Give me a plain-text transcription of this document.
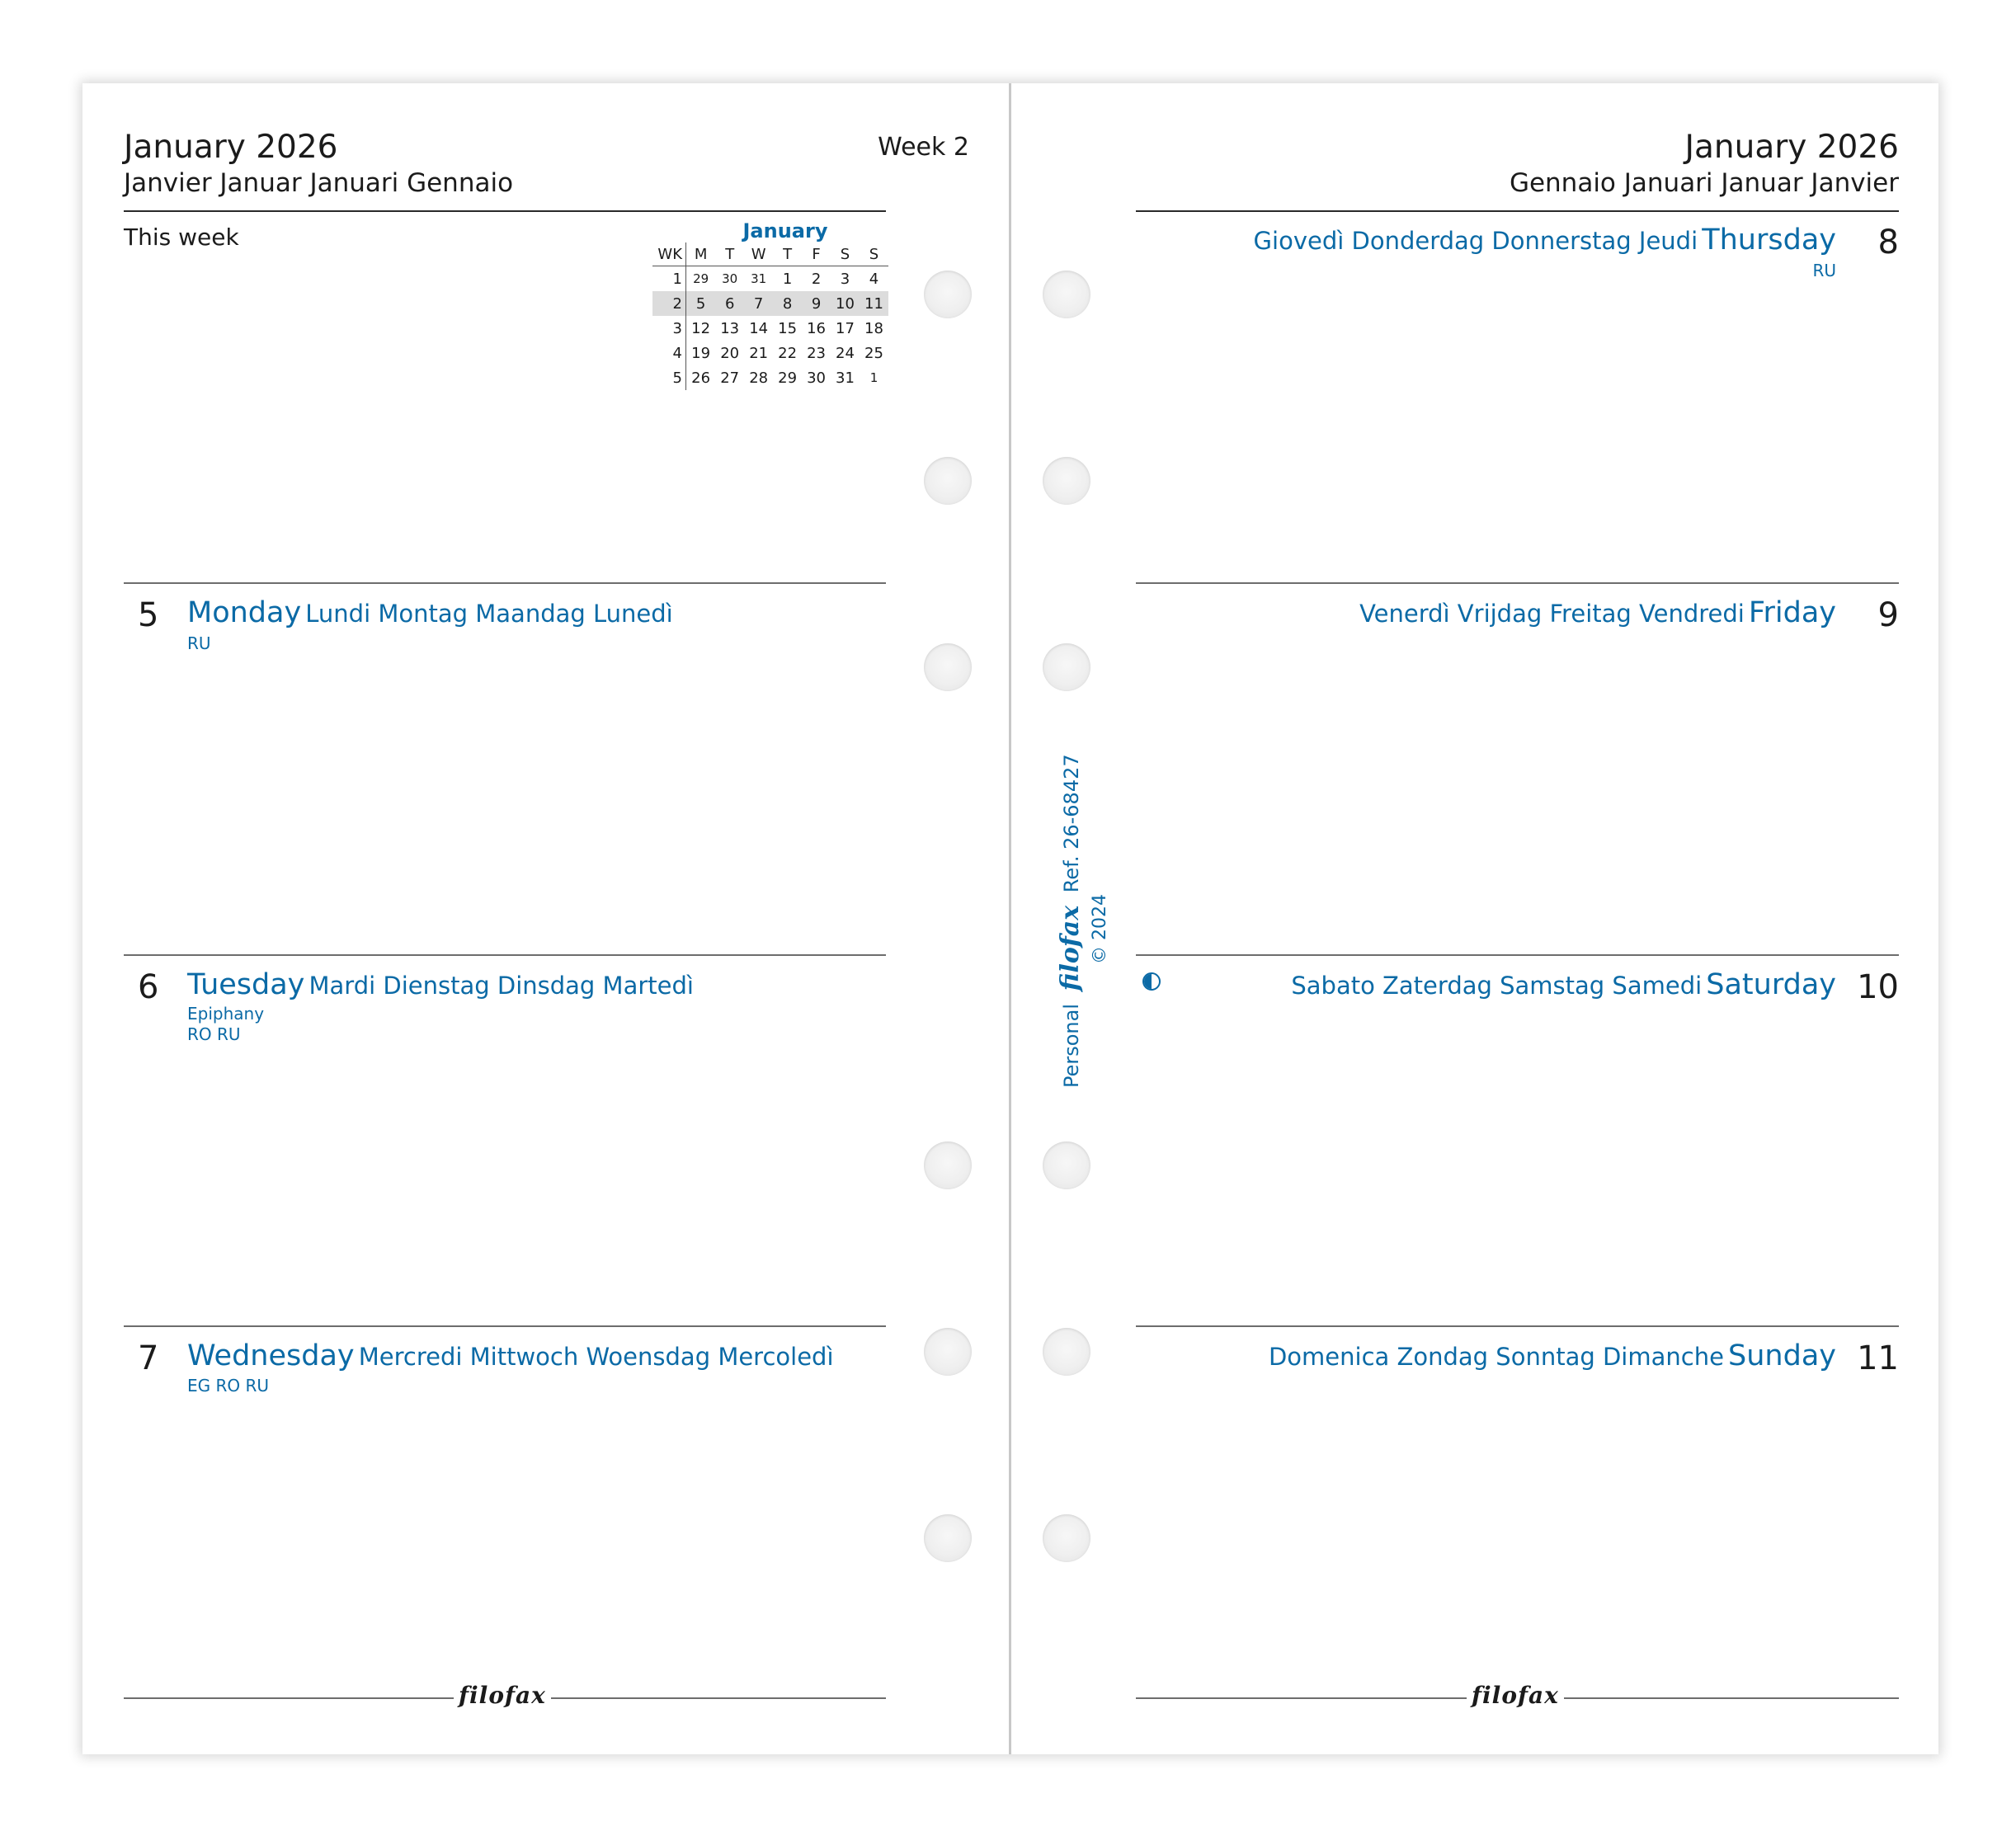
January 2026
Janvier Januar Januari Gennaio
Week 2
This week	January
WK	M	T	W	T	F	S	S
1	29	30	31	1	2	3	4
2	5	6	7	8	9	10	11
3	12	13	14	15	16	17	18
4	19	20	21	22	23	24	25
5	26	27	28	29	30	31	1
5 Monday Lundi Montag Maandag Lunedì
RU
6 Tuesday Mardi Dienstag Dinsdag Martedì
Epiphany
RO RU
7 Wednesday Mercredi Mittwoch Woensdag Mercoledì
EG RO RU
filofax
January 2026
Gennaio Januari Januar Janvier
8
Giovedì Donderdag Donnerstag Jeudi Thursday
RU
9
Venerdì Vrijdag Freitag Vendredi Friday
10
Sabato Zaterdag Samstag Samedi Saturday
11
Domenica Zondag Sonntag Dimanche Sunday
filofax
Personal filofax Ref. 26-68427
© 2024
